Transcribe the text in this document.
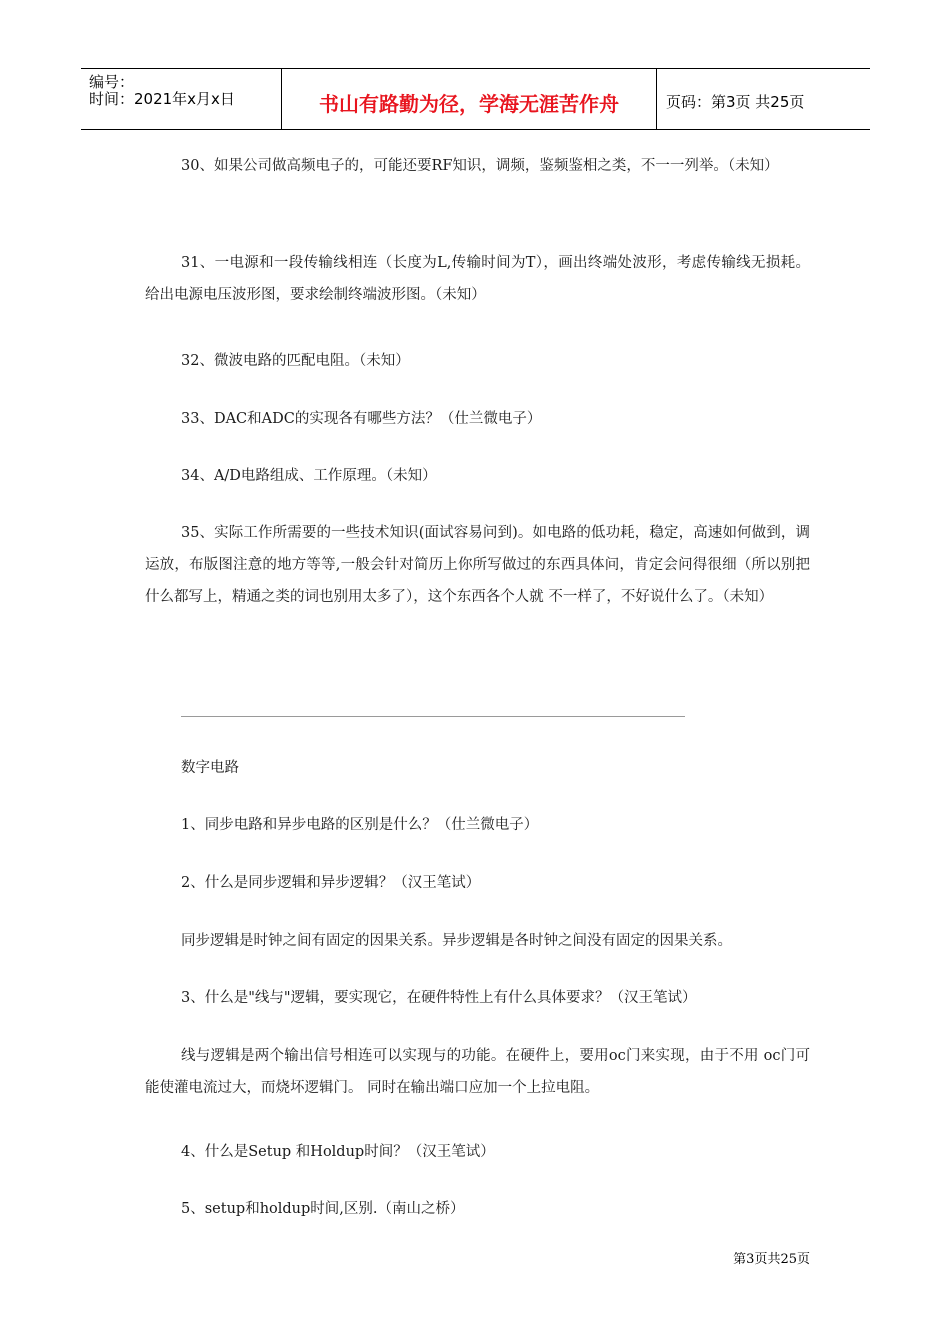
编号：
时间：2021年x月x日	书山有路勤为径，学海无涯苦作舟	页码：第3页 共25页

30、如果公司做高频电子的，可能还要RF知识，调频，鉴频鉴相之类，不一一列举。（未知）

31、一电源和一段传输线相连（长度为L,传输时间为T），画出终端处波形，考虑传输线无损耗。给出电源电压波形图，要求绘制终端波形图。（未知）

32、微波电路的匹配电阻。（未知）

33、DAC和ADC的实现各有哪些方法？（仕兰微电子）

34、A/D电路组成、工作原理。（未知）

35、实际工作所需要的一些技术知识(面试容易问到)。如电路的低功耗，稳定，高速如何做到，调运放，布版图注意的地方等等,一般会针对简历上你所写做过的东西具体问，肯定会问得很细（所以别把什么都写上，精通之类的词也别用太多了），这个东西各个人就 不一样了，不好说什么了。（未知）

数字电路

1、同步电路和异步电路的区别是什么？（仕兰微电子）

2、什么是同步逻辑和异步逻辑？（汉王笔试）

同步逻辑是时钟之间有固定的因果关系。异步逻辑是各时钟之间没有固定的因果关系。

3、什么是"线与"逻辑，要实现它，在硬件特性上有什么具体要求？（汉王笔试）

线与逻辑是两个输出信号相连可以实现与的功能。在硬件上，要用oc门来实现，由于不用 oc门可能使灌电流过大，而烧坏逻辑门。 同时在输出端口应加一个上拉电阻。

4、什么是Setup 和Holdup时间？（汉王笔试）

5、setup和holdup时间,区别.（南山之桥）

第3页共25页
